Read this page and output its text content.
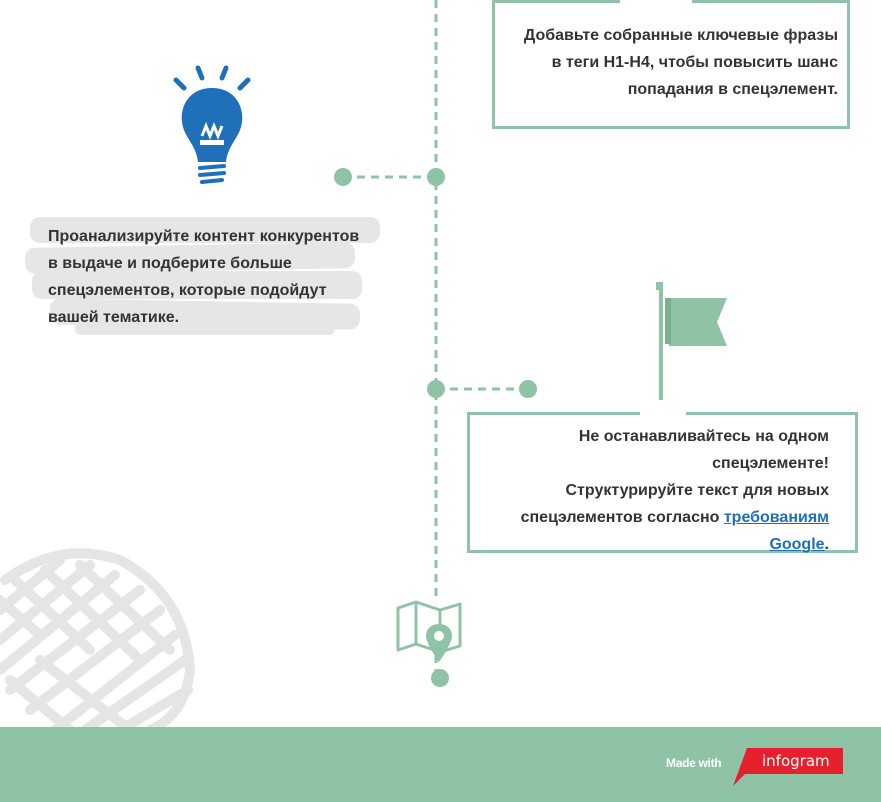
Добавьте собранные ключевые фразы

в теги H1-H4, чтобы повысить шанс

попадания в спецэлемент.

Проанализируйте контент конкурентов
в выдаче и подберите больше
спецэлементов, которые подойдут
вашей тематике.

Не останавливайтесь на одном

спецэлементе!

Структурируйте текст для новых

спецэлементов согласно требованиям

Google.

Made with	infogram
